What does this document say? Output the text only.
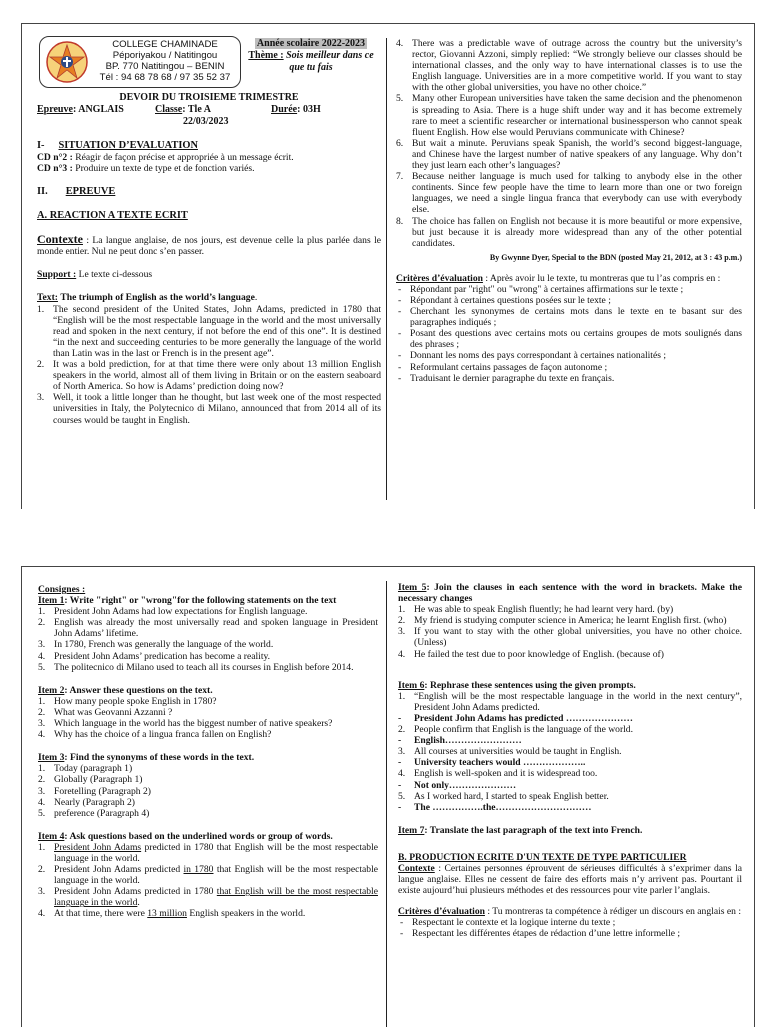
COLLEGE CHAMINADE
Péporiyakou / Natitingou
BP. 770 Natitingou – BENIN
Tél : 94 68 78 68 / 97 35 52 37
Année scolaire 2022-2023
Thème : Sois meilleur dans ce que tu fais
DEVOIR DU TROISIEME TRIMESTRE
Epreuve: ANGLAIS	Classe: Tle A	Durée: 03H
22/03/2023
I- SITUATION D’EVALUATION

CD n°2 : Réagir de façon précise et appropriée à un message écrit.

CD n°3 : Produire un texte de type et de fonction variés.

II. EPREUVE
A. REACTION A TEXTE ECRIT

Contexte : La langue anglaise, de nos jours, est devenue celle la plus parlée dans le monde entier. Nul ne peut donc s’en passer.

Support : Le texte ci-dessous

Text: The triumph of English as the world’s language.

1. The second president of the United States, John Adams, predicted in 1780 that “English will be the most respectable language in the world and the most universally read and spoken in the next century, if not before the end of this one”. It is destined “in the next and succeeding centuries to be more generally the language of the world than Latin was in the last or French is in the present age”.
2. It was a bold prediction, for at that time there were only about 13 million English speakers in the world, almost all of them living in Britain or on the eastern seaboard of North America. So how is Adams’ prediction doing now?
3. Well, it took a little longer than he thought, but last week one of the most respected universities in Italy, the Polytecnico di Milano, announced that from 2014 all of its courses would be taught in English.
4. There was a predictable wave of outrage across the country but the university’s rector, Giovanni Azzoni, simply replied: “We strongly believe our classes should be international classes, and the only way to have international classes is to use the English language. Universities are in a more competitive world. If you want to stay with the other global universities, you have no other choice.”
5. Many other European universities have taken the same decision and the phenomenon is spreading to Asia. There is a huge shift under way and it has become extremely rare to meet a scientific researcher or international businessperson who cannot speak fluent English. How else would Peruvians communicate with Chinese?
6. But wait a minute. Peruvians speak Spanish, the world’s second biggest-language, and Chinese have the largest number of native speakers of any language. Why don’t they just learn each other’s languages?
7. Because neither language is much used for talking to anybody else in the other continents. Since few people have the time to learn more than one or two foreign languages, we need a single lingua franca that everybody can use with everybody else.
8. The choice has fallen on English not because it is more beautiful or more expensive, but just because it is already more widespread than any of the other potential candidates.
By Gwynne Dyer, Special to the BDN (posted May 21, 2012, at 3 : 43 p.m.)

Critères d’évaluation : Après avoir lu le texte, tu montreras que tu l’as compris en :

- Répondant par "right" ou "wrong" à certaines affirmations sur le texte ;
- Répondant à certaines questions posées sur le texte ;
- Cherchant les synonymes de certains mots dans le texte en te basant sur des paragraphes indiqués ;
- Posant des questions avec certains mots ou certains groupes de mots soulignés dans des phrases ;
- Donnant les noms des pays correspondant à certaines nationalités ;
- Reformulant certains passages de façon autonome ;
- Traduisant le dernier paragraphe du texte en français.

Consignes :

Item 1: Write "right" or "wrong"for the following statements on the text

1. President John Adams had low expectations for English language.
2. English was already the most universally read and spoken language in President John Adams’ lifetime.
3. In 1780, French was generally the language of the world.
4. President John Adams’ predication has become a reality.
5. The politecnico di Milano used to teach all its courses in English before 2014.

Item 2: Answer these questions on the text.

1. How many people spoke English in 1780?
2. What was Geovanni Azzanni ?
3. Which language in the world has the biggest number of native speakers?
4. Why has the choice of a lingua franca fallen on English?

Item 3: Find the synonyms of these words in the text.

1. Today (paragraph 1)
2. Globally (Paragraph 1)
3. Foretelling (Paragraph 2)
4. Nearly (Paragraph 2)
5. preference (Paragraph 4)

Item 4: Ask questions based on the underlined words or group of words.

1. President John Adams predicted in 1780 that English will be the most respectable language in the world.
2. President John Adams predicted in 1780 that English will be the most respectable language in the world.
3. President John Adams predicted in 1780 that English will be the most respectable language in the world.
4. At that time, there were 13 million English speakers in the world.

Item 5: Join the clauses in each sentence with the word in brackets. Make the necessary changes

1. He was able to speak English fluently; he had learnt very hard. (by)
2. My friend is studying computer science in America; he learnt English first. (who)
3. If you want to stay with the other global universities, you have no other choice. (Unless)
4. He failed the test due to poor knowledge of English. (because of)

Item 6: Rephrase these sentences using the given prompts.

1. “English will be the most respectable language in the world in the next century”, President John Adams predicted.
- President John Adams has predicted …………………
2. People confirm that English is the language of the world.
- English……………………
3. All courses at universities would be taught in English.
- University teachers would ………………..
4. English is well-spoken and it is widespread too.
- Not only…………………
5. As I worked hard, I started to speak English better.
- The …………….the…………………………

Item 7: Translate the last paragraph of the text into French.

B. PRODUCTION ECRITE D'UN TEXTE DE TYPE PARTICULIER

Contexte : Certaines personnes éprouvent de sérieuses difficultés à s’exprimer dans la langue anglaise. Elles ne cessent de faire des efforts mais n’y arrivent pas. Pourtant il existe aujourd’hui plusieurs méthodes et des ressources pour vite parler l’anglais.

Critères d’évaluation : Tu montreras ta compétence à rédiger un discours en anglais en :

- Respectant le contexte et la logique interne du texte ;
- Respectant les différentes étapes de rédaction d’une lettre informelle ;
